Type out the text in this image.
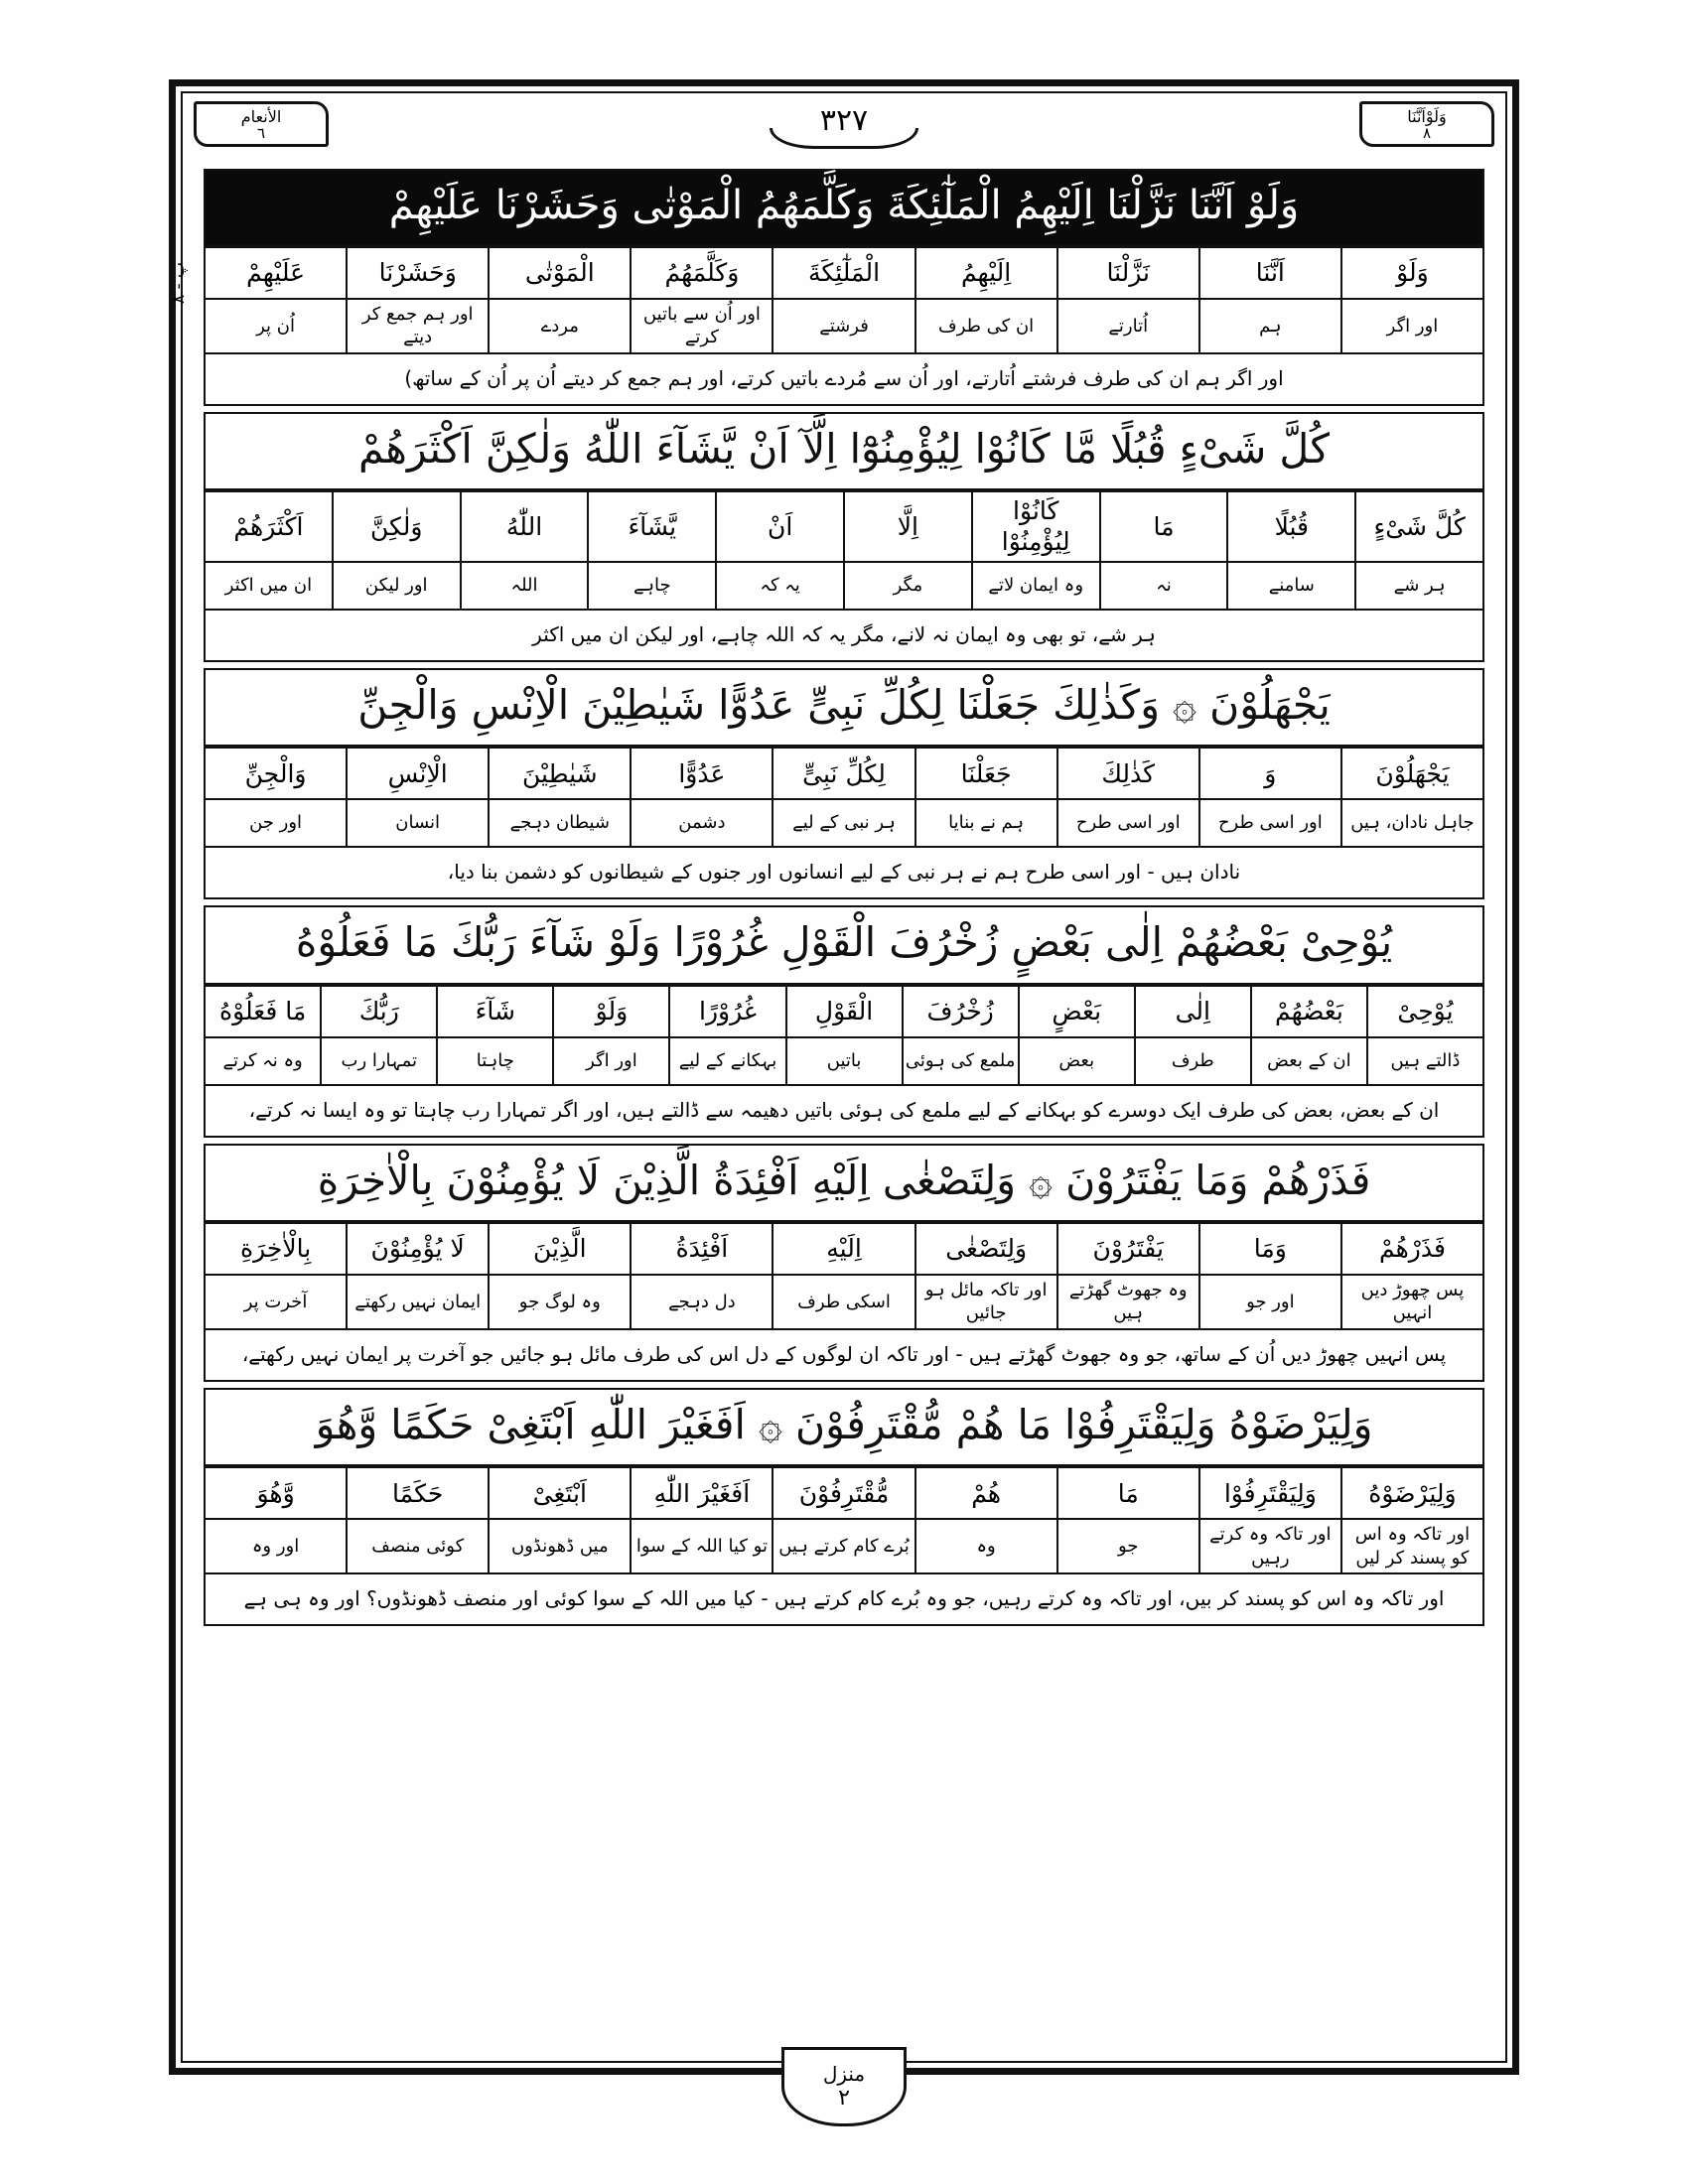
وَلَوْاَنَّنَا
٨
٣٢٧
الأنعام
٦
پ - ٨
وَلَوْ اَنَّنَا نَزَّلْنَا اِلَيْهِمُ الْمَلٰٓئِكَةَ وَكَلَّمَهُمُ الْمَوْتٰى وَحَشَرْنَا عَلَيْهِمْ
وَلَوْ	اَنَّنَا	نَزَّلْنَا	اِلَيْهِمُ	الْمَلٰٓئِكَةَ	وَكَلَّمَهُمُ	الْمَوْتٰى	وَحَشَرْنَا	عَلَيْهِمْ
اور اگر	ہم	اُتارتے	ان کی طرف	فرشتے	اور اُن سے باتیں کرتے	مردے	اور ہم جمع کر دیتے	اُن پر
اور اگر ہم ان کی طرف فرشتے اُتارتے، اور اُن سے مُردے باتیں کرتے، اور ہم جمع کر دیتے اُن پر اُن کے ساتھ)
كُلَّ شَىْءٍ قُبُلًا مَّا كَانُوْا لِيُؤْمِنُوْٓا اِلَّآ اَنْ يَّشَآءَ اللّٰهُ وَلٰكِنَّ اَكْثَرَهُمْ
كُلَّ شَىْءٍ	قُبُلًا	مَا	كَانُوْا لِيُؤْمِنُوْا	اِلَّا	اَنْ	يَّشَآءَ	اللّٰهُ	وَلٰكِنَّ	اَكْثَرَهُمْ
ہر شے	سامنے	نہ	وہ ایمان لاتے	مگر	یہ کہ	چاہے	اللہ	اور لیکن	ان میں اکثر
ہر شے، تو بھی وہ ایمان نہ لانے، مگر یہ کہ اللہ چاہے، اور لیکن ان میں اکثر
يَجْهَلُوْنَ ۞ وَكَذٰلِكَ جَعَلْنَا لِكُلِّ نَبِىٍّ عَدُوًّا شَيٰطِيْنَ الْاِنْسِ وَالْجِنِّ
يَجْهَلُوْنَ	وَ	كَذٰلِكَ	جَعَلْنَا	لِكُلِّ نَبِىٍّ	عَدُوًّا	شَيٰطِيْنَ	الْاِنْسِ	وَالْجِنِّ
جاہل نادان، ہیں	اور اسی طرح	اور اسی طرح	ہم نے بنایا	ہر نبی کے لیے	دشمن	شیطان دہجے	انسان	اور جن
نادان ہیں - اور اسی طرح ہم نے ہر نبی کے لیے انسانوں اور جنوں کے شیطانوں کو دشمن بنا دیا،
يُوْحِىْ بَعْضُهُمْ اِلٰى بَعْضٍ زُخْرُفَ الْقَوْلِ غُرُوْرًا وَلَوْ شَآءَ رَبُّكَ مَا فَعَلُوْهُ
يُوْحِىْ	بَعْضُهُمْ	اِلٰى	بَعْضٍ	زُخْرُفَ	الْقَوْلِ	غُرُوْرًا	وَلَوْ	شَآءَ	رَبُّكَ	مَا فَعَلُوْهُ
ڈالتے ہیں	ان کے بعض	طرف	بعض	ملمع کی ہوئی	باتیں	بہکانے کے لیے	اور اگر	چاہتا	تمہارا رب	وہ نہ کرتے
ان کے بعض، بعض کی طرف ایک دوسرے کو بہکانے کے لیے ملمع کی ہوئی باتیں دھیمہ سے ڈالتے ہیں، اور اگر تمہارا رب چاہتا تو وہ ایسا نہ کرتے،
فَذَرْهُمْ وَمَا يَفْتَرُوْنَ ۞ وَلِتَصْغٰى اِلَيْهِ اَفْئِدَةُ الَّذِيْنَ لَا يُؤْمِنُوْنَ بِالْاٰخِرَةِ
فَذَرْهُمْ	وَمَا	يَفْتَرُوْنَ	وَلِتَصْغٰى	اِلَيْهِ	اَفْئِدَةُ	الَّذِيْنَ	لَا يُؤْمِنُوْنَ	بِالْاٰخِرَةِ
پس چھوڑ دیں انہیں	اور جو	وہ جھوٹ گھڑتے ہیں	اور تاکہ مائل ہو جائیں	اسکی طرف	دل دہجے	وہ لوگ جو	ایمان نہیں رکھتے	آخرت پر
پس انہیں چھوڑ دیں اُن کے ساتھ، جو وہ جھوٹ گھڑتے ہیں - اور تاکہ ان لوگوں کے دل اس کی طرف مائل ہو جائیں جو آخرت پر ایمان نہیں رکھتے،
وَلِيَرْضَوْهُ وَلِيَقْتَرِفُوْا مَا هُمْ مُّقْتَرِفُوْنَ ۞ اَفَغَيْرَ اللّٰهِ اَبْتَغِىْ حَكَمًا وَّهُوَ
وَلِيَرْضَوْهُ	وَلِيَقْتَرِفُوْا	مَا	هُمْ	مُّقْتَرِفُوْنَ	اَفَغَيْرَ اللّٰهِ	اَبْتَغِىْ	حَكَمًا	وَّهُوَ
اور تاکہ وہ اس کو پسند کر لیں	اور تاکہ وہ کرتے رہیں	جو	وہ	بُرے کام کرتے ہیں	تو کیا اللہ کے سوا	میں ڈھونڈوں	کوئی منصف	اور وہ
اور تاکہ وہ اس کو پسند کر بیں، اور تاکہ وہ کرتے رہیں، جو وہ بُرے کام کرتے ہیں - کیا میں اللہ کے سوا کوئی اور منصف ڈھونڈوں؟ اور وہ ہی ہے
منزل
٢
